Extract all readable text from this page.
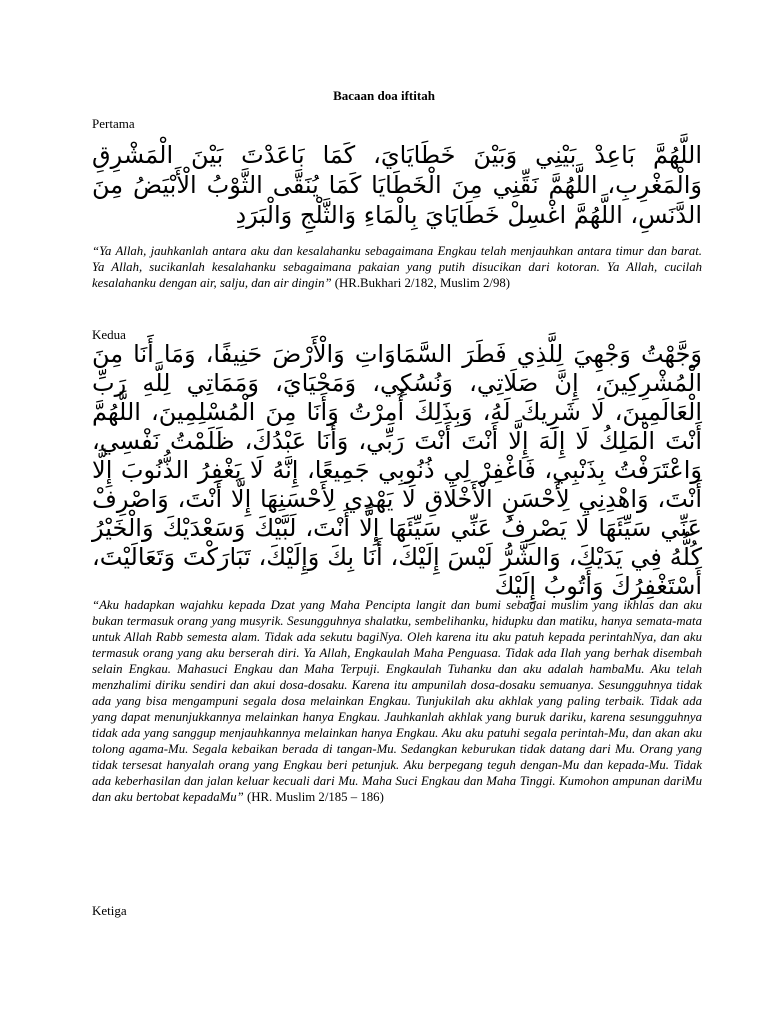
Bacaan doa iftitah

Pertama

اللَّهُمَّ بَاعِدْ بَيْنِي وَبَيْنَ خَطَايَايَ، كَمَا بَاعَدْتَ بَيْنَ الْمَشْرِقِ وَالْمَغْرِبِ، اللَّهُمَّ نَقِّنِي مِنَ الْخَطَايَا كَمَا يُنَقَّى الثَّوْبُ الْأَبْيَضُ مِنَ الدَّنَسِ، اللَّهُمَّ اغْسِلْ خَطَايَايَ بِالْمَاءِ وَالثَّلْجِ وَالْبَرَدِ

“Ya Allah, jauhkanlah antara aku dan kesalahanku sebagaimana Engkau telah menjauhkan antara timur dan barat. Ya Allah, sucikanlah kesalahanku sebagaimana pakaian yang putih disucikan dari kotoran. Ya Allah, cucilah kesalahanku dengan air, salju, dan air dingin” (HR.Bukhari 2/182, Muslim 2/98)

Kedua

وَجَّهْتُ وَجْهِيَ لِلَّذِي فَطَرَ السَّمَاوَاتِ وَالْأَرْضَ حَنِيفًا، وَمَا أَنَا مِنَ الْمُشْرِكِينَ، إِنَّ صَلَاتِي، وَنُسُكِي، وَمَحْيَايَ، وَمَمَاتِي لِلَّهِ رَبِّ الْعَالَمِينَ، لَا شَرِيكَ لَهُ، وَبِذَلِكَ أُمِرْتُ وَأَنَا مِنَ الْمُسْلِمِينَ، اللَّهُمَّ أَنْتَ الْمَلِكُ لَا إِلَهَ إِلَّا أَنْتَ أَنْتَ رَبِّي، وَأَنَا عَبْدُكَ، ظَلَمْتُ نَفْسِي، وَاعْتَرَفْتُ بِذَنْبِي، فَاغْفِرْ لِي ذُنُوبِي جَمِيعًا، إِنَّهُ لَا يَغْفِرُ الذُّنُوبَ إِلَّا أَنْتَ، وَاهْدِنِي لِأَحْسَنِ الْأَخْلَاقِ لَا يَهْدِي لِأَحْسَنِهَا إِلَّا أَنْتَ، وَاصْرِفْ عَنِّي سَيِّئَهَا لَا يَصْرِفُ عَنِّي سَيِّئَهَا إِلَّا أَنْتَ، لَبَّيْكَ وَسَعْدَيْكَ وَالْخَيْرُ كُلُّهُ فِي يَدَيْكَ، وَالشَّرُّ لَيْسَ إِلَيْكَ، أَنَا بِكَ وَإِلَيْكَ، تَبَارَكْتَ وَتَعَالَيْتَ، أَسْتَغْفِرُكَ وَأَتُوبُ إِلَيْكَ

“Aku hadapkan wajahku kepada Dzat yang Maha Pencipta langit dan bumi sebagai muslim yang ikhlas dan aku bukan termasuk orang yang musyrik. Sesungguhnya shalatku, sembelihanku, hidupku dan matiku, hanya semata-mata untuk Allah Rabb semesta alam. Tidak ada sekutu bagiNya. Oleh karena itu aku patuh kepada perintahNya, dan aku termasuk orang yang aku berserah diri. Ya Allah, Engkaulah Maha Penguasa. Tidak ada Ilah yang berhak disembah selain Engkau. Mahasuci Engkau dan Maha Terpuji. Engkaulah Tuhanku dan aku adalah hambaMu. Aku telah menzhalimi diriku sendiri dan akui dosa-dosaku. Karena itu ampunilah dosa-dosaku semuanya. Sesungguhnya tidak ada yang bisa mengampuni segala dosa melainkan Engkau. Tunjukilah aku akhlak yang paling terbaik. Tidak ada yang dapat menunjukkannya melainkan hanya Engkau. Jauhkanlah akhlak yang buruk dariku, karena sesungguhnya tidak ada yang sanggup menjauhkannya melainkan hanya Engkau. Aku aku patuhi segala perintah-Mu, dan akan aku tolong agama-Mu. Segala kebaikan berada di tangan-Mu. Sedangkan keburukan tidak datang dari Mu. Orang yang tidak tersesat hanyalah orang yang Engkau beri petunjuk. Aku berpegang teguh dengan-Mu dan kepada-Mu. Tidak ada keberhasilan dan jalan keluar kecuali dari Mu. Maha Suci Engkau dan Maha Tinggi. Kumohon ampunan dariMu dan aku bertobat kepadaMu” (HR. Muslim 2/185 – 186)

Ketiga
